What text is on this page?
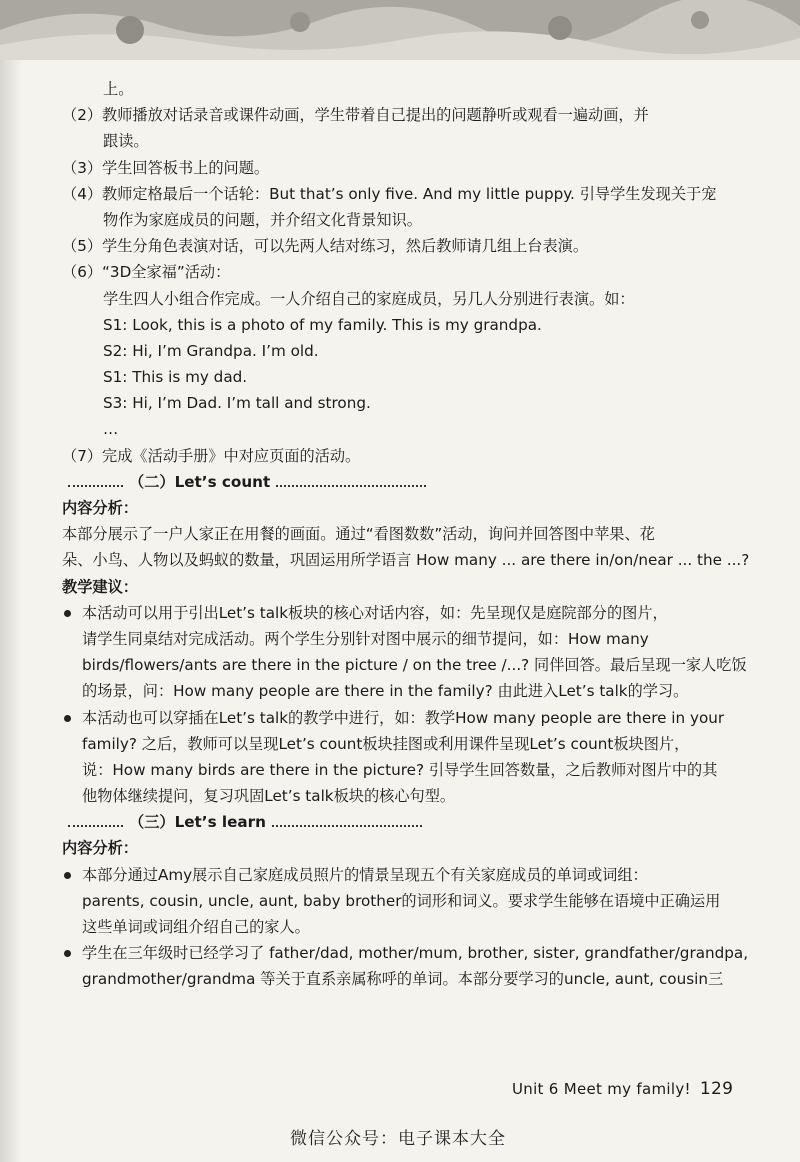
上。
（2）教师播放对话录音或课件动画，学生带着自己提出的问题静听或观看一遍动画，并
跟读。
（3）学生回答板书上的问题。
（4）教师定格最后一个话轮：But that’s only five. And my little puppy. 引导学生发现关于宠
物作为家庭成员的问题，并介绍文化背景知识。
（5）学生分角色表演对话，可以先两人结对练习，然后教师请几组上台表演。
（6）“3D全家福”活动：
学生四人小组合作完成。一人介绍自己的家庭成员，另几人分别进行表演。如：
S1: Look, this is a photo of my family. This is my grandpa.
S2: Hi, I’m Grandpa. I’m old.
S1: This is my dad.
S3: Hi, I’m Dad. I’m tall and strong.
…
（7）完成《活动手册》中对应页面的活动。
（二）Let’s count
内容分析：
本部分展示了一户人家正在用餐的画面。通过“看图数数”活动，询问并回答图中苹果、花
朵、小鸟、人物以及蚂蚁的数量，巩固运用所学语言 How many ... are there in/on/near ... the ...?
教学建议：
本活动可以用于引出Let’s talk板块的核心对话内容，如：先呈现仅是庭院部分的图片，
请学生同桌结对完成活动。两个学生分别针对图中展示的细节提问，如：How many
birds/flowers/ants are there in the picture / on the tree /...? 同伴回答。最后呈现一家人吃饭
的场景，问：How many people are there in the family? 由此进入Let’s talk的学习。
本活动也可以穿插在Let’s talk的教学中进行，如：教学How many people are there in your
family? 之后，教师可以呈现Let’s count板块挂图或利用课件呈现Let’s count板块图片，
说：How many birds are there in the picture? 引导学生回答数量，之后教师对图片中的其
他物体继续提问，复习巩固Let’s talk板块的核心句型。
（三）Let’s learn
内容分析：
本部分通过Amy展示自己家庭成员照片的情景呈现五个有关家庭成员的单词或词组：
parents, cousin, uncle, aunt, baby brother的词形和词义。要求学生能够在语境中正确运用
这些单词或词组介绍自己的家人。
学生在三年级时已经学习了 father/dad, mother/mum, brother, sister, grandfather/grandpa,
grandmother/grandma 等关于直系亲属称呼的单词。本部分要学习的uncle, aunt, cousin三
Unit 6 Meet my family! 129
微信公众号：电子课本大全
